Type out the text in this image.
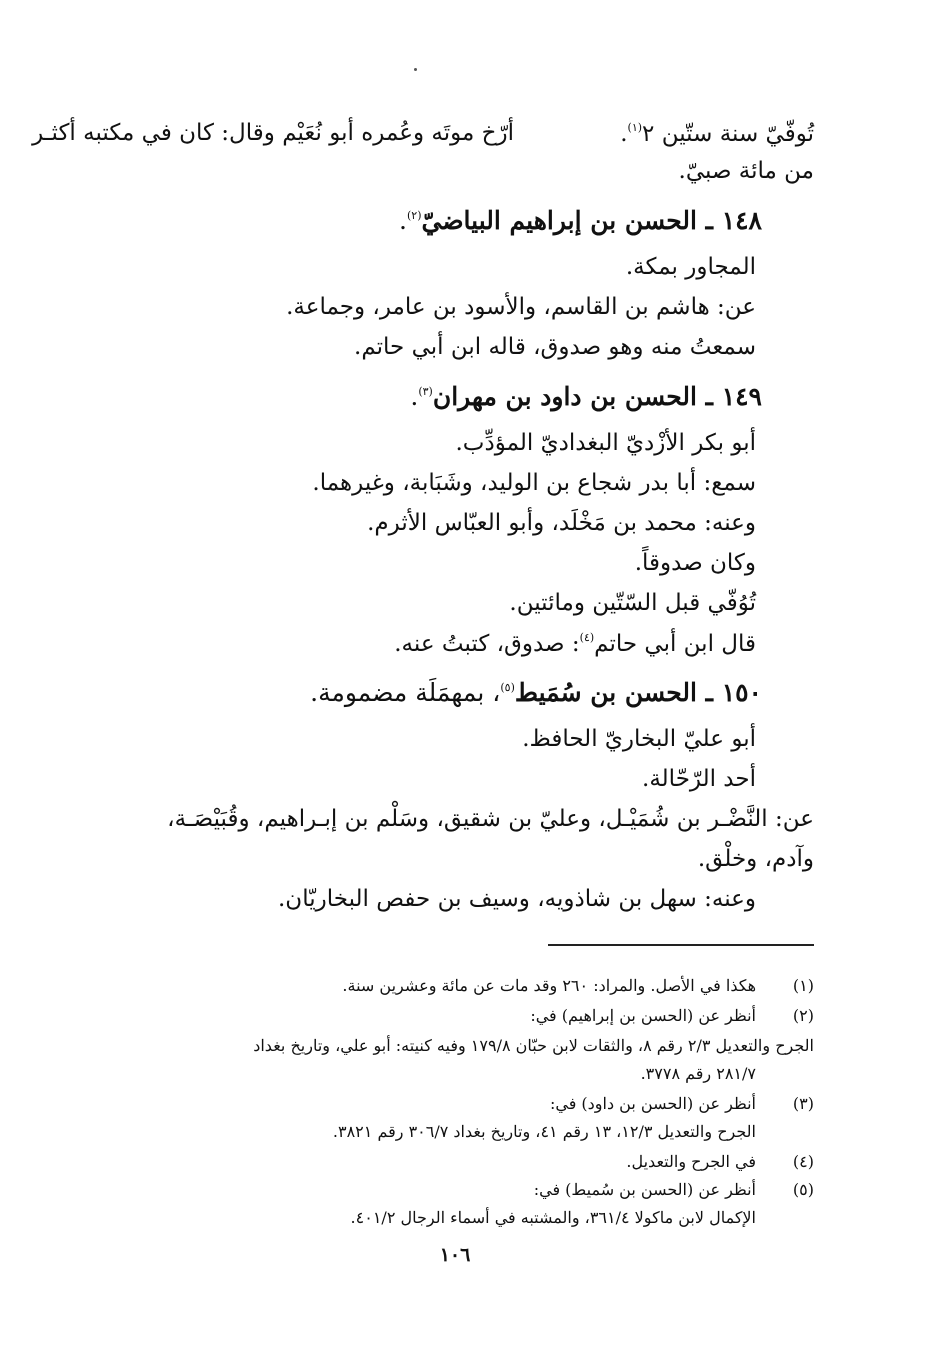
تُوفّيّ سنة ستّين ٢$^{(١)}$.
أرّخ موتَه وعُمره أبو نُعَيْم وقال: كان في مكتبه أكثـر
من مائة صبيّ.
١٤٨ ـ الحسن بن إبراهيم البياضيّ$^{(٢)}$.
المجاور بمكة.
عن: هاشم بن القاسم، والأسود بن عامر، وجماعة.
سمعتُ منه وهو صدوق، قاله ابن أبي حاتم.
١٤٩ ـ الحسن بن داود بن مهران$^{(٣)}$.
أبو بكر الأزْديّ البغداديّ المؤدِّب.
سمع: أبا بدر شجاع بن الوليد، وشَبَابة، وغيرهما.
وعنه: محمد بن مَخْلَد، وأبو العبّاس الأثرم.
وكان صدوقاً.
تُوُفّي قبل السّتّين ومائتين.
قال ابن أبي حاتم$^{(٤)}$: صدوق، كتبتُ عنه.
١٥٠ ـ الحسن بن سُمَيط$^{(٥)}$، بمهمَلَة مضمومة.
أبو عليّ البخاريّ الحافظ.
أحد الرّحّالة.
عن: النَّضْـر بن شُمَيْـل، وعليّ بن شقيق، وسَلْم بن إبـراهيم، وقُبَيْصَـة،
وآدم، وخلْق.
وعنه: سهل بن شاذويه، وسيف بن حفص البخاريّان.
(١)
هكذا في الأصل. والمراد: ٢٦٠ وقد مات عن مائة وعشرين سنة.
(٢)
أنظر عن (الحسن بن إبراهيم) في:
الجرح والتعديل ٢/٣ رقم ٨، والثقات لابن حبّان ١٧٩/٨ وفيه كنيته: أبو علي، وتاريخ بغداد
٢٨١/٧ رقم ٣٧٧٨.
(٣)
أنظر عن (الحسن بن داود) في:
الجرح والتعديل ١٢/٣، ١٣ رقم ٤١، وتاريخ بغداد ٣٠٦/٧ رقم ٣٨٢١.
(٤)
في الجرح والتعديل.
(٥)
أنظر عن (الحسن بن سُميط) في:
الإكمال لابن ماكولا ٣٦١/٤، والمشتبه في أسماء الرجال ٤٠١/٢.
١٠٦
